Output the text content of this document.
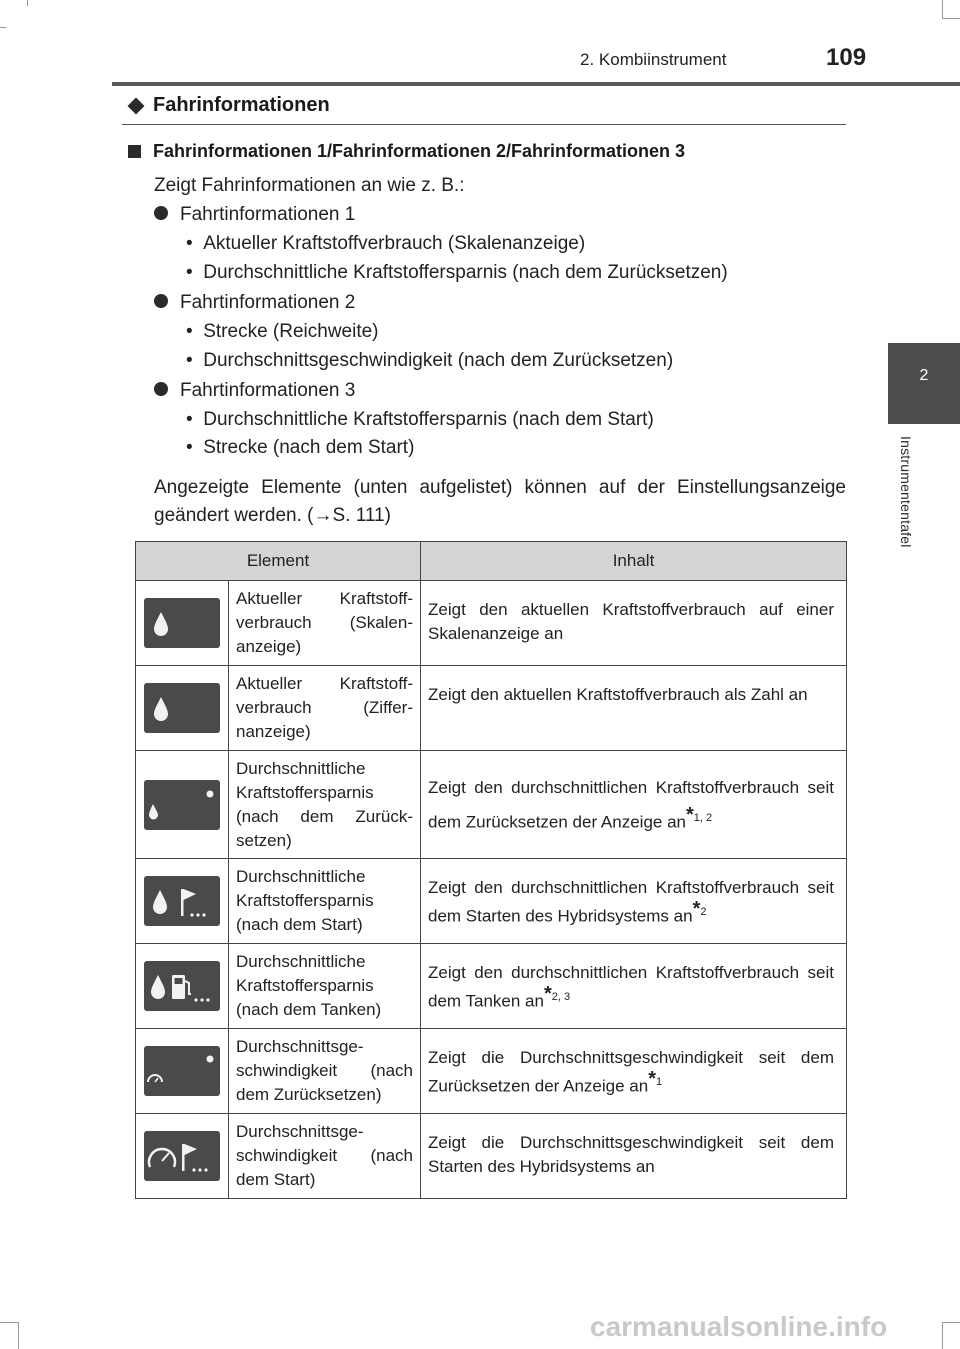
2. Kombiinstrument	109
2
Instrumententafel
Fahrinformationen
Fahrinformationen 1/Fahrinformationen 2/Fahrinformationen 3
Zeigt Fahrinformationen an wie z. B.:
Fahrtinformationen 1
•  Aktueller Kraftstoffverbrauch (Skalenanzeige)
•  Durchschnittliche Kraftstoffersparnis (nach dem Zurücksetzen)
Fahrtinformationen 2
•  Strecke (Reichweite)
•  Durchschnittsgeschwindigkeit (nach dem Zurücksetzen)
Fahrtinformationen 3
•  Durchschnittliche Kraftstoffersparnis (nach dem Start)
•  Strecke (nach dem Start)
Angezeigte Elemente (unten aufgelistet) können auf der Einstellungsanzeige geändert werden. (→S. 111)
Element		Inhalt

	Aktueller Kraftstoff-verbrauch (Skalen-anzeige)	Zeigt den aktuellen Kraftstoffverbrauch auf einer Skalenanzeige an

	Aktueller Kraftstoff-verbrauch (Ziffer-nanzeige)	Zeigt den aktuellen Kraftstoffverbrauch als Zahl an

	Durchschnittliche Kraftstoffersparnis (nach dem Zurück-setzen)	Zeigt den durchschnittlichen Kraftstoffverbrauch seit dem Zurücksetzen der Anzeige an*$^{1, 2}$

	Durchschnittliche Kraftstoffersparnis (nach dem Start)	Zeigt den durchschnittlichen Kraftstoffverbrauch seit dem Starten des Hybridsystems an*$^2$

	Durchschnittliche Kraftstoffersparnis (nach dem Tanken)	Zeigt den durchschnittlichen Kraftstoffverbrauch seit dem Tanken an*$^{2, 3}$

	Durchschnittsge-schwindigkeit (nach dem Zurücksetzen)	Zeigt die Durchschnittsgeschwindigkeit seit dem Zurücksetzen der Anzeige an*$^1$

	Durchschnittsge-schwindigkeit (nach dem Start)	Zeigt die Durchschnittsgeschwindigkeit seit dem Starten des Hybridsystems an
carmanualsonline.info
